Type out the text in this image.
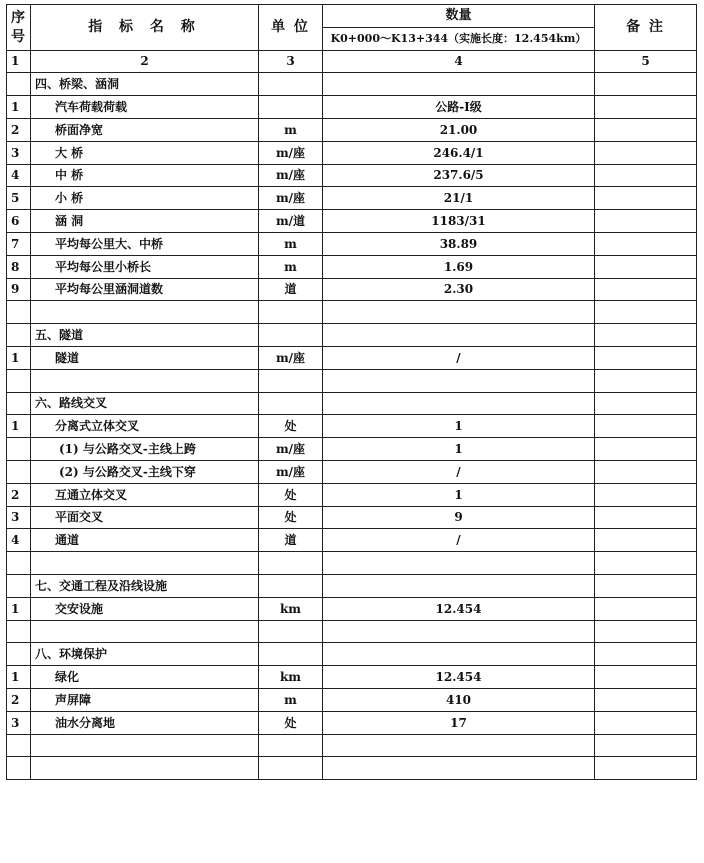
序
号	指 标 名 称	单 位	数量	备 注
			K0+000～K13+344（实施长度：12.454km）	
1	2	3	4	5
	四、桥梁、涵洞			
1	汽车荷载荷载		公路-I级	
2	桥面净宽	m	21.00	
3	大 桥	m/座	246.4/1	
4	中 桥	m/座	237.6/5	
5	小 桥	m/座	21/1	
6	涵 洞	m/道	1183/31	
7	平均每公里大、中桥	m	38.89	
8	平均每公里小桥长	m	1.69	
9	平均每公里涵洞道数	道	2.30	

	五、隧道			
1	隧道	m/座	/	

	六、路线交叉			
1	分离式立体交叉	处	1	
	(1) 与公路交叉-主线上跨	m/座	1	
	(2) 与公路交叉-主线下穿	m/座	/	
2	互通立体交叉	处	1	
3	平面交叉	处	9	
4	通道	道	/	

	七、交通工程及沿线设施			
1	交安设施	km	12.454	

	八、环境保护			
1	绿化	km	12.454	
2	声屏障	m	410	
3	油水分离地	处	17	
